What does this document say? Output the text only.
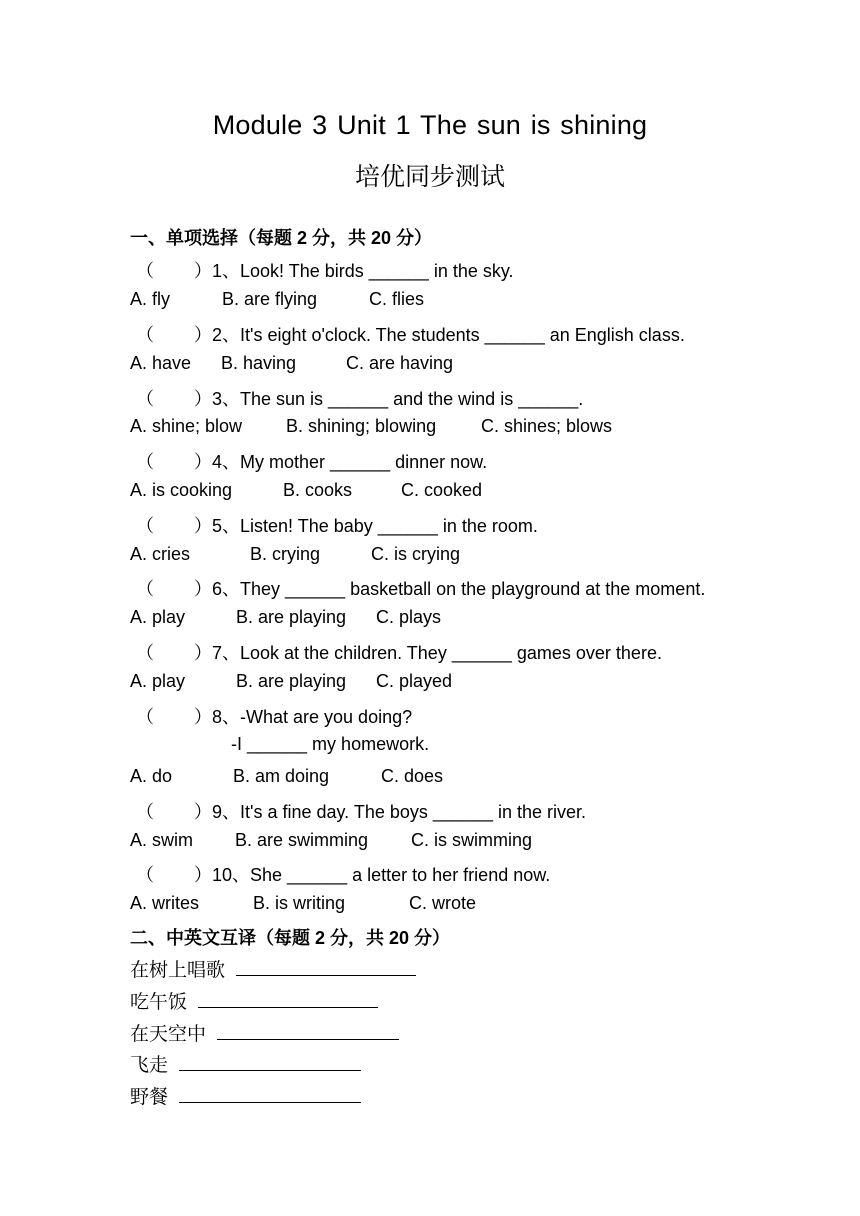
Module 3 Unit 1 The sun is shining
培优同步测试
一、单项选择（每题 2 分，共 20 分）
（ ）1、Look! The birds ______ in the sky.
A. fly	B. are flying	C. flies
（ ）2、It's eight o'clock. The students ______ an English class.
A. have B. having	C. are having
（ ）3、The sun is ______ and the wind is ______.
A. shine; blow B. shining; blowing C. shines; blows
（ ）4、My mother ______ dinner now.
A. is cooking	B. cooks	C. cooked
（ ）5、Listen! The baby ______ in the room.
A. cries	B. crying	C. is crying
（ ）6、They ______ basketball on the playground at the moment.
A. play	B. are playing C. plays
（ ）7、Look at the children. They ______ games over there.
A. play	B. are playing C. played
（ ）8、-What are you doing?
-I ______ my homework.
A. do	B. am doing	C. does
（ ）9、It's a fine day. The boys ______ in the river.
A. swim B. are swimming C. is swimming
（ ）10、She ______ a letter to her friend now.
A. writes	B. is writing	C. wrote
二、中英文互译（每题 2 分，共 20 分）
在树上唱歌
吃午饭
在天空中
飞走
野餐
